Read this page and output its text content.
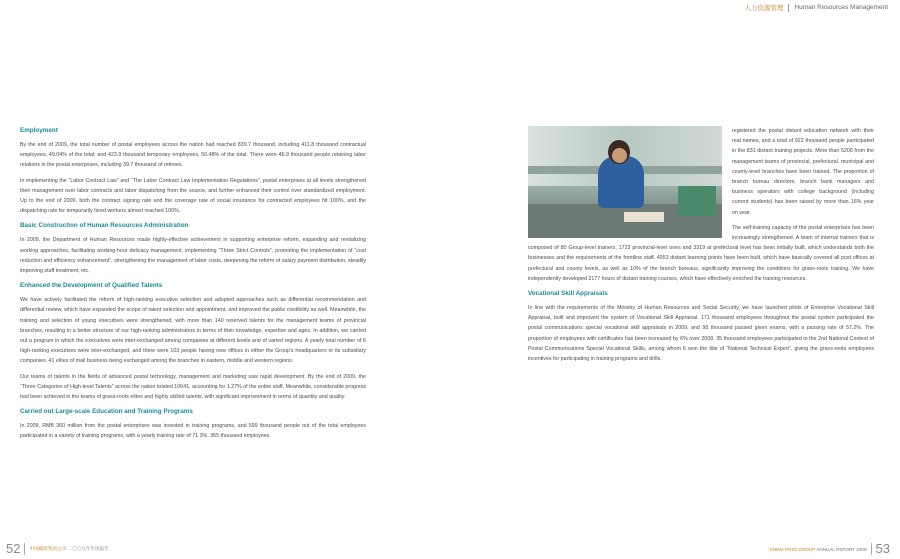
人力资源管理 Human Resources Management
Employment

By the end of 2009, the total number of postal employees across the nation had reached 839.7 thousand, including 411.8 thousand contractual employees, 49.04% of the total; and 423.9 thousand temporary employees, 50.48% of the total. There were 46.9 thousand people retaining labor relations in the postal enterprises, including 39.7 thousand of retirees.

In implementing the “Labor Contract Law” and “The Labor Contract Law Implementation Regulations”, postal enterprises at all levels strengthened their management over labor contracts and labor dispatching from the source, and further enhanced their control over standardized employment. Up to the end of 2009, both the contract signing rate and the coverage rate of social insurance for contracted employees hit 100%, and the dispatching rate for temporarily hired workers almost reached 100%.

Basic Construction of Human Resources Administration

In 2009, the Department of Human Resources made highly-effective achievement in supporting enterprise reform, expanding and revitalizing working approaches, facilitating working-hour delicacy management, implementing “Three Strict Controls”, promoting the implementation of “cost reduction and efficiency enhancement”, strengthening the management of labor costs, deepening the reform of salary payment distribution, steadily improving staff treatment, etc.

Enhanced the Development of Qualified Talents

We have actively facilitated the reform of high-ranking executive selection and adopted approaches such as differential recommendation and differential review, which have expanded the scope of talent selection and appointment, and improved the public credibility as well. Meanwhile, the training and selection of young executives were strengthened, with more than 140 reserved talents for the management teams of provincial branches, resulting in a better structure of our high-ranking administrators in terms of their knowledge, expertise and ages. In addition, we carried out a program in which the executives were inter-exchanged among companies at different levels and of varied regions. A yearly total number of 6 high-ranking executives were inter-exchanged, and there were 103 people having new offices in either the Group's headquarters or its subsidiary companies, 41 elites of mail business being exchanged among the branches in eastern, middle and western regions.

Our teams of talents in the fields of advanced postal technology, management and marketing saw rapid development. By the end of 2009, the “Three Categories of High-level Talents” across the nation totaled 10641, accounting for 1.27% of the entire staff. Meanwhile, considerable progress had been achieved in the teams of grass-roots elites and highly skilled talents, with significant improvement in terms of quantity and quality.

Carried out Large-scale Education and Training Programs

In 2009, RMB 360 million from the postal enterprises was invested in training programs, and 599 thousand people out of the total employees participated in a variety of training programs, with a yearly training rate of 71.3%. 365 thousand employees

registered the postal distant education network with their real names, and a total of 922 thousand people participated in the 831 distant training projects. More than 5200 from the management teams of provincial, prefectural, municipal and county-level branches have been trained. The proportion of branch bureau directors, branch bank managers and business operators with college background (including current students) has been raised by more than 16% year on year.

The self-training capacity of the postal enterprises has been increasingly strengthened. A team of internal trainers that is composed of 80 Group-level trainers, 1723 provincial-level ones and 3319 at prefectural level has been initially built, which understands both the businesses and the requirements of the frontline staff. 4953 distant learning points have been built, which have basically covered all post offices at prefectural and county levels, as well as 10% of the branch bureaus, significantly improving the conditions for grass-roots training. We have independently developed 2177 hours of distant training courses, which have effectively enriched the training resources.

Vocational Skill Appraisals

In line with the requirements of the Ministry of Human Resources and Social Security, we have launched pilots of Enterprise Vocational Skill Appraisal, built and improved the system of Vocational Skill Appraisal. 171 thousand employees throughout the postal system participated the postal communications special vocational skill appraisals in 2009, and 98 thousand passed given exams, with a passing rate of 57.2%. The proportion of employees with certificates has been increased by 6% over 2008. 35 thousand employees participated in the 2nd National Contest of Postal Communications Special Vocational Skills, among whom 6 won the title of “National Technical Expert”, giving the grass-roots employees incentives for participating in training programs and drills.

52 中国邮政集团公司 二〇〇九年年度报告	CHINA POST GROUP ANNUAL REPORT 2009 53
